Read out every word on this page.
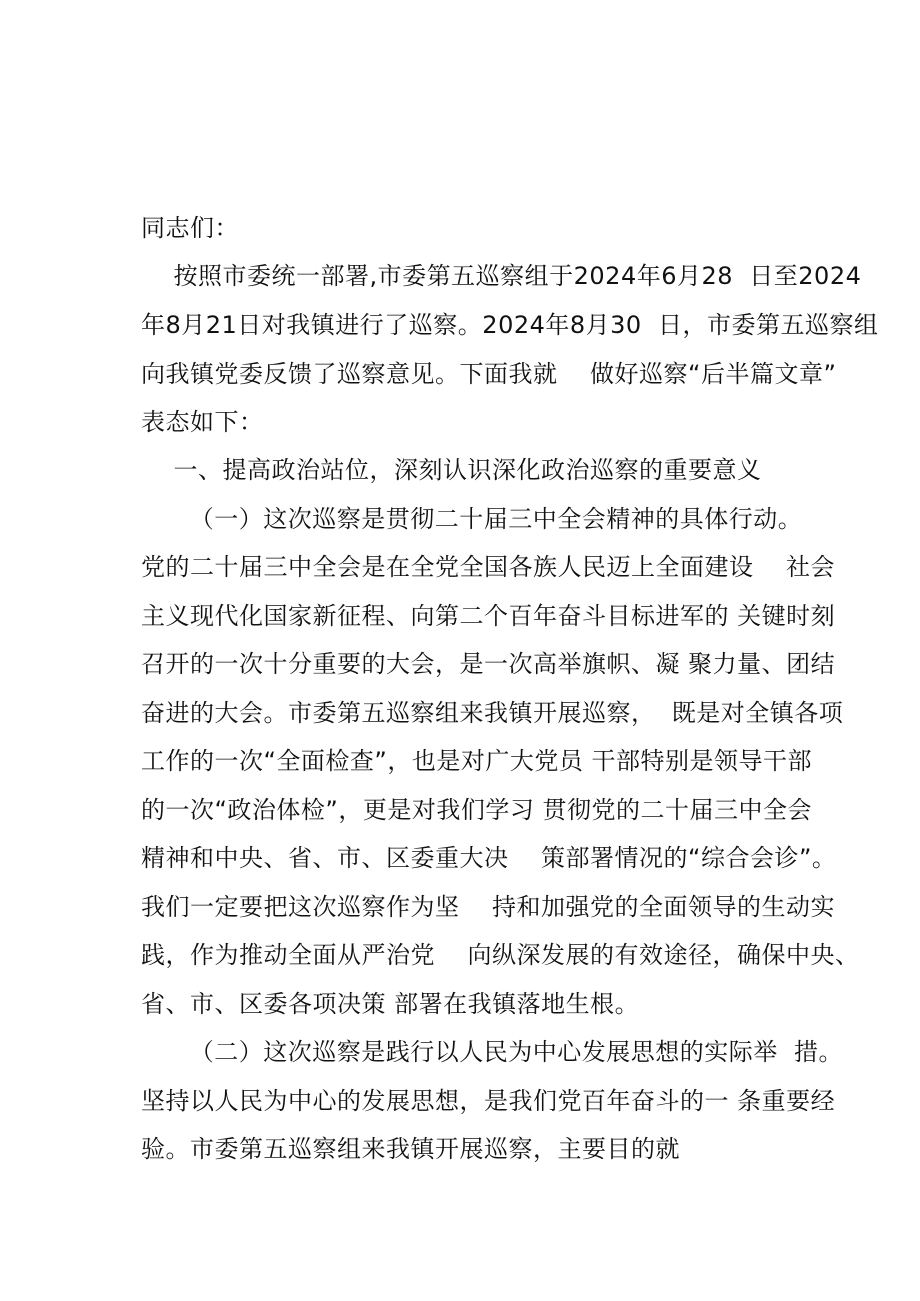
同志们：
按照市委统一部署,市委第五巡察组于2024年6月28  日至2024
年8月21日对我镇进行了巡察。2024年8月30  日，市委第五巡察组
向我镇党委反馈了巡察意见。下面我就    做好巡察“后半篇文章”
表态如下：
一、提高政治站位，深刻认识深化政治巡察的重要意义
（一）这次巡察是贯彻二十届三中全会精神的具体行动。
党的二十届三中全会是在全党全国各族人民迈上全面建设    社会
主义现代化国家新征程、向第二个百年奋斗目标进军的 关键时刻
召开的一次十分重要的大会，是一次高举旗帜、凝 聚力量、团结
奋进的大会。市委第五巡察组来我镇开展巡察，  既是对全镇各项
工作的一次“全面检查”，也是对广大党员 干部特别是领导干部
的一次“政治体检”，更是对我们学习 贯彻党的二十届三中全会
精神和中央、省、市、区委重大决    策部署情况的“综合会诊”。
我们一定要把这次巡察作为坚    持和加强党的全面领导的生动实
践，作为推动全面从严治党    向纵深发展的有效途径，确保中央、
省、市、区委各项决策 部署在我镇落地生根。
（二）这次巡察是践行以人民为中心发展思想的实际举  措。
坚持以人民为中心的发展思想，是我们党百年奋斗的一 条重要经
验。市委第五巡察组来我镇开展巡察，主要目的就
